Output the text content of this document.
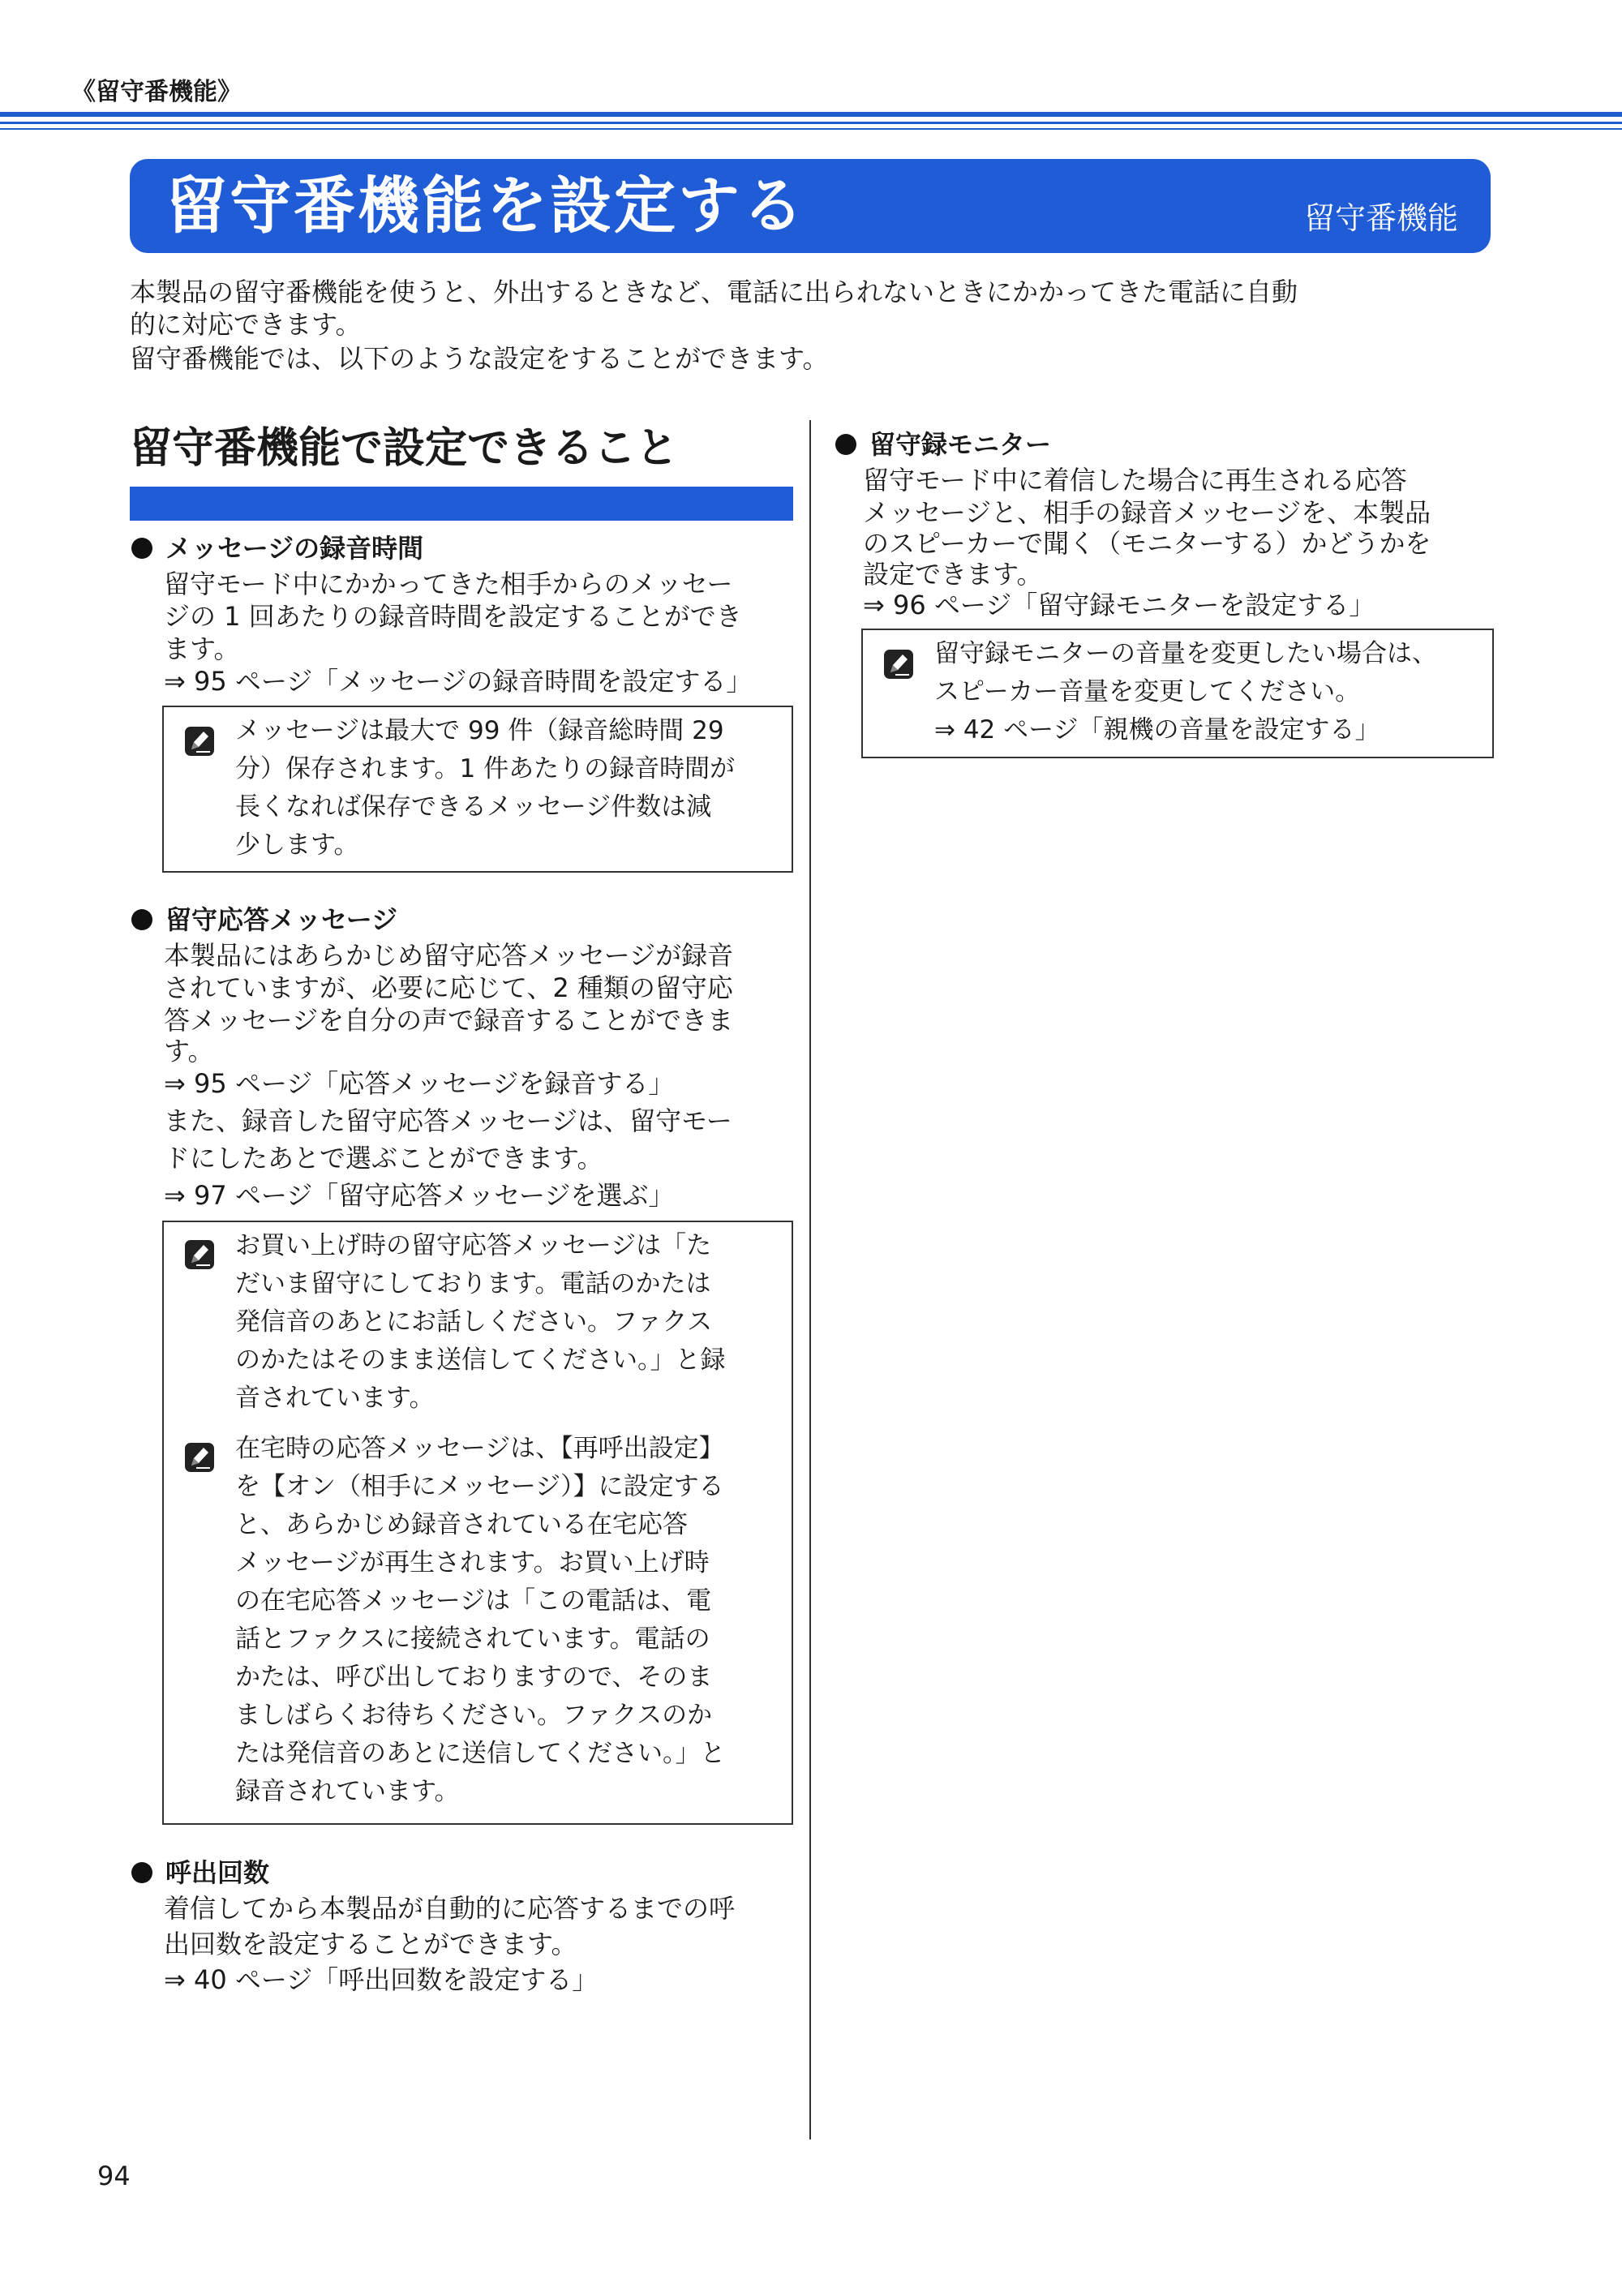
《留守番機能》
留守番機能を設定する	留守番機能
本製品の留守番機能を使うと、外出するときなど、電話に出られないときにかかってきた電話に自動
的に対応できます。
留守番機能では、以下のような設定をすることができます。
留守番機能で設定できること
メッセージの録音時間
留守モード中にかかってきた相手からのメッセー
ジの 1 回あたりの録音時間を設定することができ
ます。
⇒ 95 ページ「メッセージの録音時間を設定する」
メッセージは最大で 99 件（録音総時間 29
分）保存されます。1 件あたりの録音時間が
長くなれば保存できるメッセージ件数は減
少します。
留守応答メッセージ
本製品にはあらかじめ留守応答メッセージが録音
されていますが、必要に応じて、2 種類の留守応
答メッセージを自分の声で録音することができま
す。
⇒ 95 ページ「応答メッセージを録音する」
また、録音した留守応答メッセージは、留守モー
ドにしたあとで選ぶことができます。
⇒ 97 ページ「留守応答メッセージを選ぶ」
お買い上げ時の留守応答メッセージは「た
だいま留守にしております。電話のかたは
発信音のあとにお話しください。ファクス
のかたはそのまま送信してください。」と録
音されています。
在宅時の応答メッセージは、【再呼出設定】
を【オン（相手にメッセージ）】に設定する
と、あらかじめ録音されている在宅応答
メッセージが再生されます。お買い上げ時
の在宅応答メッセージは「この電話は、電
話とファクスに接続されています。電話の
かたは、呼び出しておりますので、そのま
ましばらくお待ちください。ファクスのか
たは発信音のあとに送信してください。」と
録音されています。
呼出回数
着信してから本製品が自動的に応答するまでの呼
出回数を設定することができます。
⇒ 40 ページ「呼出回数を設定する」
留守録モニター
留守モード中に着信した場合に再生される応答
メッセージと、相手の録音メッセージを、本製品
のスピーカーで聞く（モニターする）かどうかを
設定できます。
⇒ 96 ページ「留守録モニターを設定する」
留守録モニターの音量を変更したい場合は、
スピーカー音量を変更してください。
⇒ 42 ページ「親機の音量を設定する」
94
